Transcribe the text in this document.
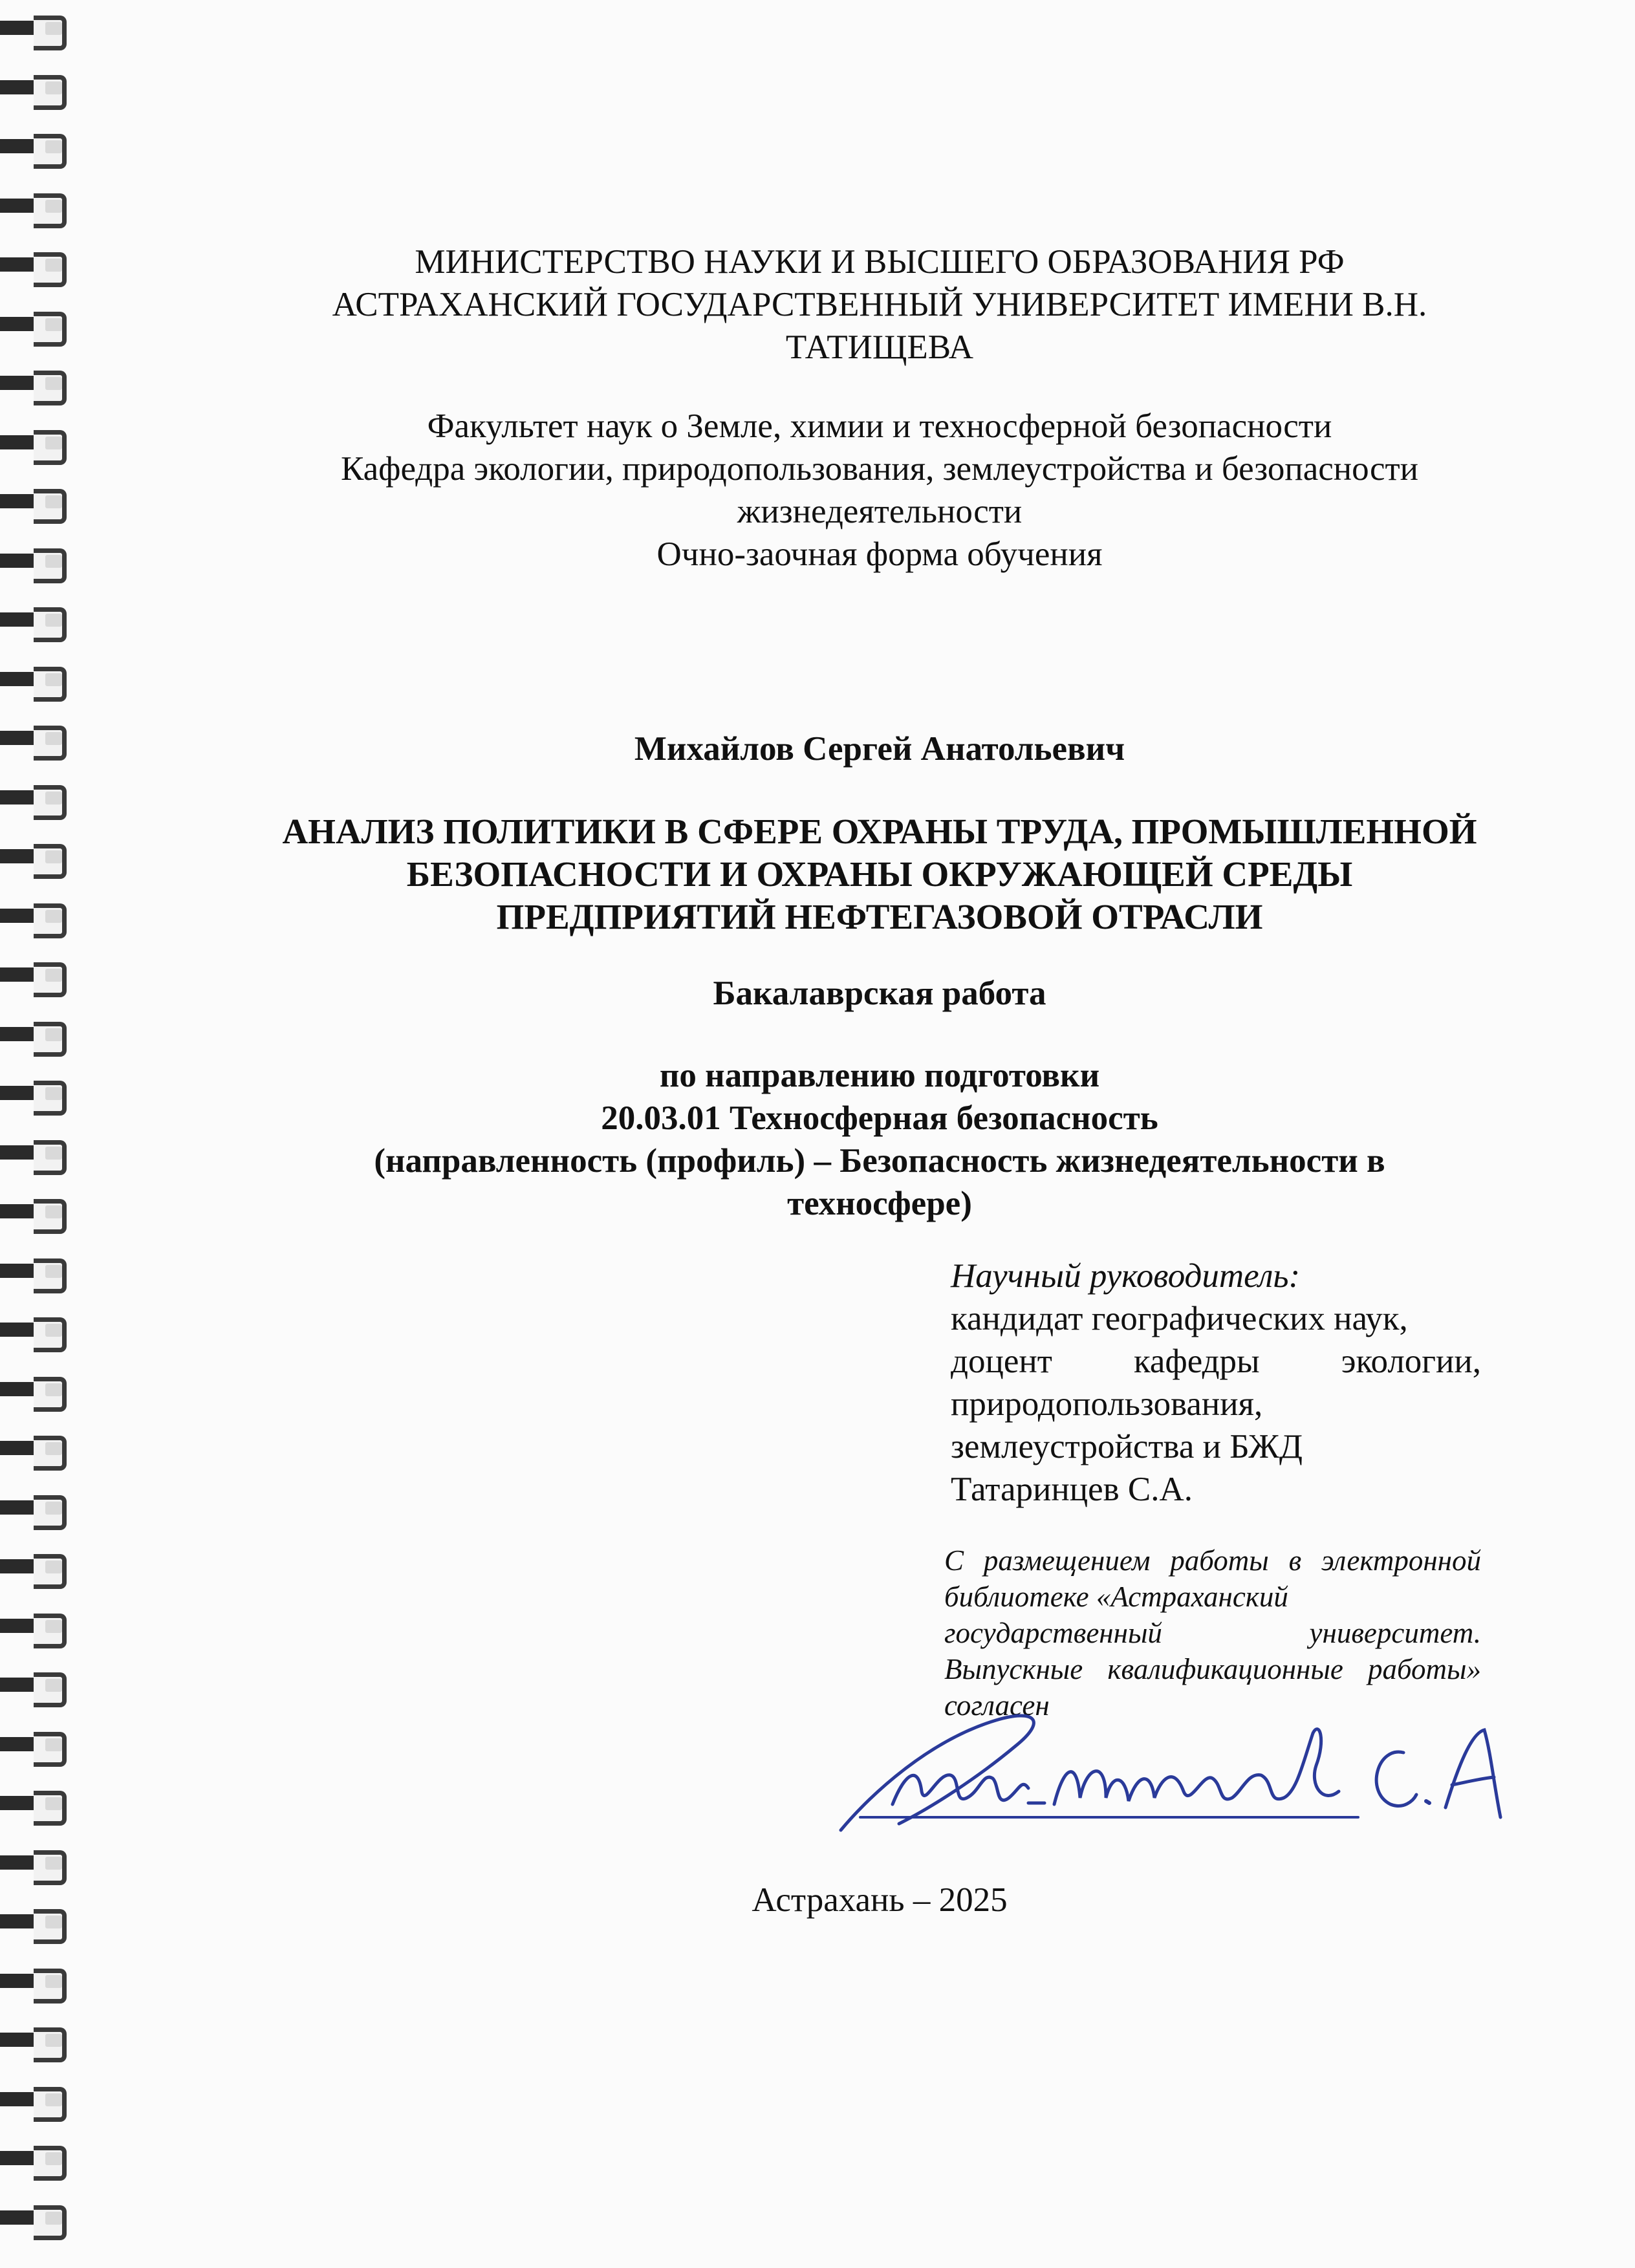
МИНИСТЕРСТВО НАУКИ И ВЫСШЕГО ОБРАЗОВАНИЯ РФ
АСТРАХАНСКИЙ ГОСУДАРСТВЕННЫЙ УНИВЕРСИТЕТ ИМЕНИ В.Н.
ТАТИЩЕВА
Факультет наук о Земле, химии и техносферной безопасности
Кафедра экологии, природопользования, землеустройства и безопасности
жизнедеятельности
Очно-заочная форма обучения
Михайлов Сергей Анатольевич
АНАЛИЗ ПОЛИТИКИ В СФЕРЕ ОХРАНЫ ТРУДА, ПРОМЫШЛЕННОЙ
БЕЗОПАСНОСТИ И ОХРАНЫ ОКРУЖАЮЩЕЙ СРЕДЫ
ПРЕДПРИЯТИЙ НЕФТЕГАЗОВОЙ ОТРАСЛИ
Бакалаврская работа
по направлению подготовки
20.03.01 Техносферная безопасность
(направленность (профиль) – Безопасность жизнедеятельности в
техносфере)
Научный руководитель:
кандидат географических наук,
доцент кафедры экологии,
природопользования,
землеустройства и БЖД
Татаринцев С.А.
С размещением работы в электронной
библиотеке «Астраханский
государственный университет.
Выпускные квалификационные работы»
согласен
Астрахань – 2025
